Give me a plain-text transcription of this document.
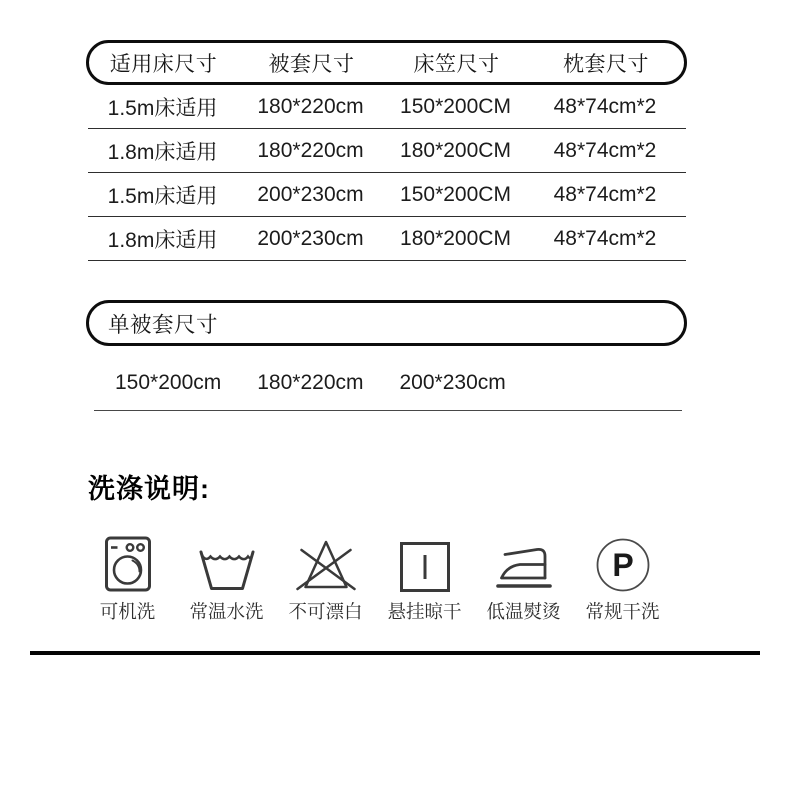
适用床尺寸	被套尺寸	床笠尺寸	枕套尺寸
1.5m床适用	180*220cm	150*200CM	48*74cm*2
1.8m床适用	180*220cm	180*200CM	48*74cm*2
1.5m床适用	200*230cm	150*200CM	48*74cm*2
1.8m床适用	200*230cm	180*200CM	48*74cm*2
单被套尺寸
150*200cm 180*220cm 200*230cm
洗涤说明:
可机洗 常温水洗 不可漂白 悬挂晾干 低温熨烫
P
常规干洗
